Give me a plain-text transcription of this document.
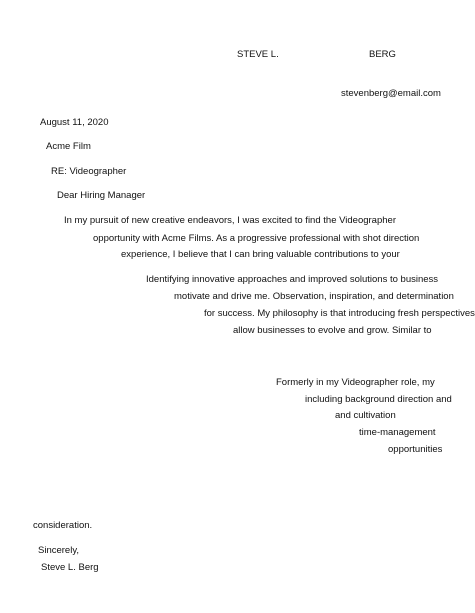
STEVE L.	BERG
stevenberg@email.com
August 11, 2020
Acme Film
RE: Videographer
Dear Hiring Manager
In my pursuit of new creative endeavors, I was excited to find the Videographer
opportunity with Acme Films. As a progressive professional with shot direction
experience, I believe that I can bring valuable contributions to your
Identifying innovative approaches and improved solutions to business
motivate and drive me. Observation, inspiration, and determination
for success. My philosophy is that introducing fresh perspectives
allow businesses to evolve and grow. Similar to
Formerly in my Videographer role, my
including background direction and
and cultivation
time-management
opportunities
consideration.
Sincerely,
Steve L. Berg
